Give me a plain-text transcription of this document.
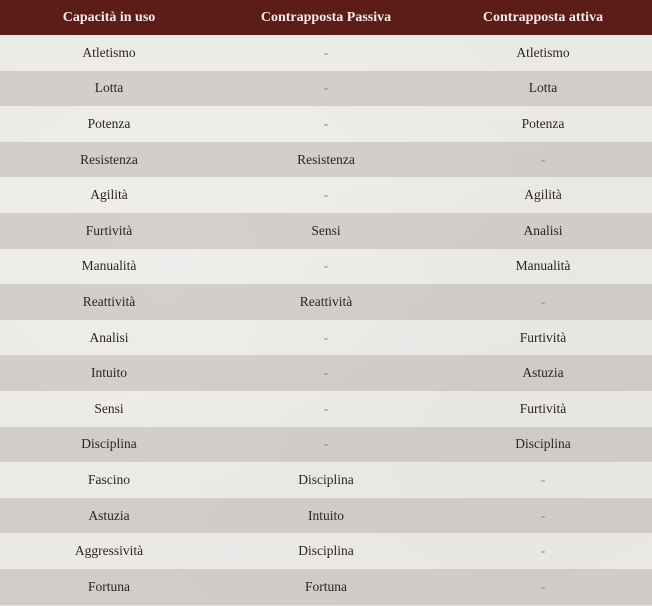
Capacità in uso	Contrapposta Passiva	Contrapposta attiva
Atletismo	-	Atletismo
Lotta	-	Lotta
Potenza	-	Potenza
Resistenza	Resistenza	-
Agilità	-	Agilità
Furtività	Sensi	Analisi
Manualità	-	Manualità
Reattività	Reattività	-
Analisi	-	Furtività
Intuito	-	Astuzia
Sensi	-	Furtività
Disciplina	-	Disciplina
Fascino	Disciplina	-
Astuzia	Intuito	-
Aggressività	Disciplina	-
Fortuna	Fortuna	-
